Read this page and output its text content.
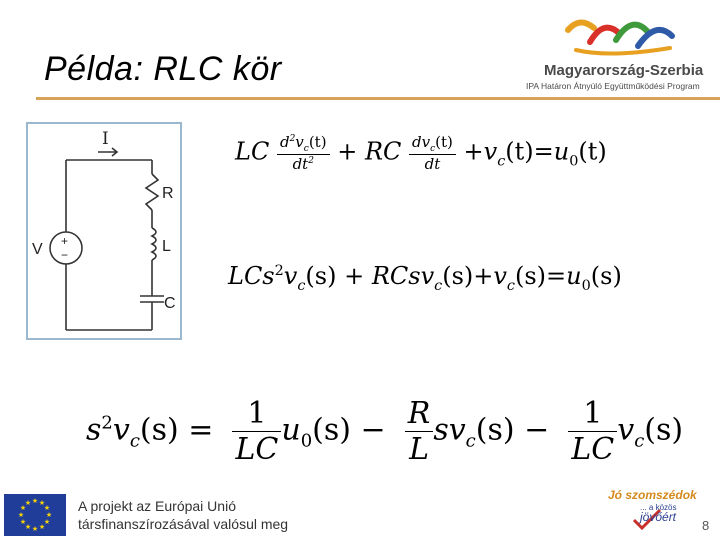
Példa: RLC kör	Magyarország-Szerbia
IPA Határon Átnyúló Együttműködési Program
I
+
−
V
R
L
C
LC $\frac{d^2v_c(t)}{dt^2}$ + RC $\frac{dv_c(t)}{dt} +v_c(t)=u_0(t)$
$LCs^2v_c(s)$ + $RCsv_c(s)+v_c(s)=u_0(s)$
$s^2v_c(s) = \frac{1}{LC} u_0(s) - \frac{R}{L} sv_c(s) - \frac{1}{LC} v_c(s)$
★ ★
★
★
★
★
★
★
★
★
★
★	A projekt az Európai Unió
társfinanszírozásával valósul meg
Jó szomszédok
... a közös
jövőért
8
